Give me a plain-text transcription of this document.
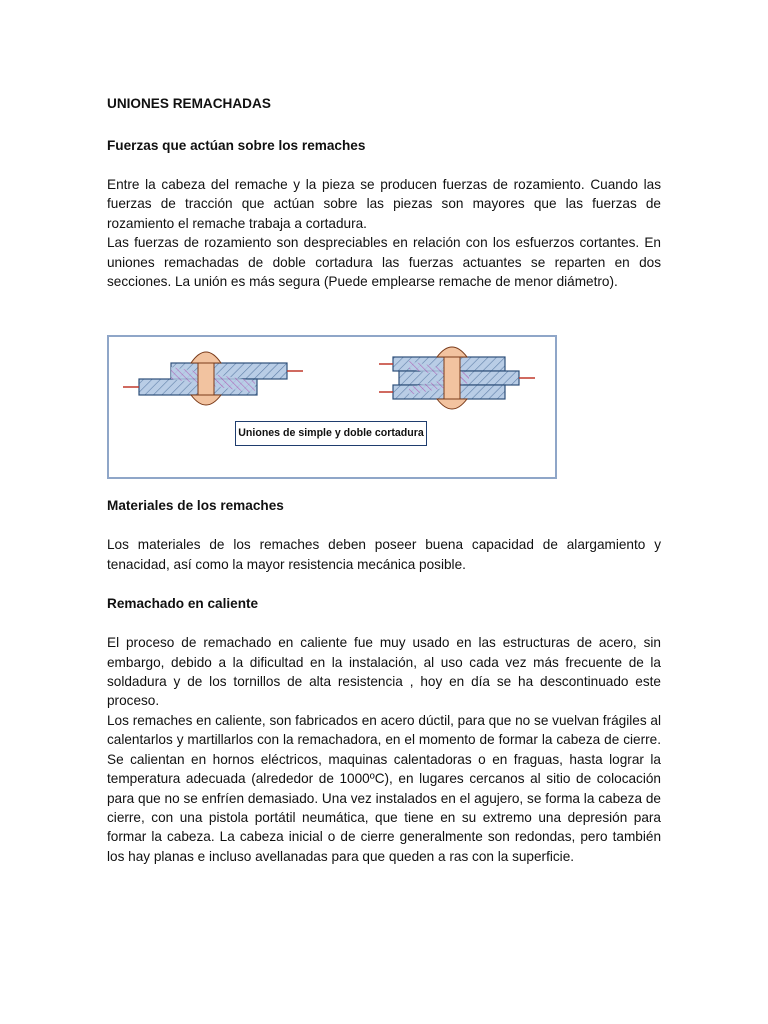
UNIONES REMACHADAS
Fuerzas que actúan sobre los remaches

Entre la cabeza del remache y la pieza se producen fuerzas de rozamiento. Cuando las fuerzas de tracción que actúan sobre las piezas son mayores que las fuerzas de rozamiento el remache trabaja a cortadura.

Las fuerzas de rozamiento son despreciables en relación con los esfuerzos cortantes. En uniones remachadas de doble cortadura las fuerzas actuantes se reparten en dos secciones. La unión es más segura (Puede emplearse remache de menor diámetro).

Uniones de simple y doble cortadura
Materiales de los remaches

Los materiales de los remaches deben poseer buena capacidad de alargamiento y tenacidad, así como la mayor resistencia mecánica posible.

Remachado en caliente

El proceso de remachado en caliente fue muy usado en las estructuras de acero, sin embargo, debido a la dificultad en la instalación, al uso cada vez más frecuente de la soldadura y de los tornillos de alta resistencia , hoy en día se ha descontinuado este proceso.

Los remaches en caliente, son fabricados en acero dúctil, para que no se vuelvan frágiles al calentarlos y martillarlos con la remachadora, en el momento de formar la cabeza de cierre. Se calientan en hornos eléctricos, maquinas calentadoras o en fraguas, hasta lograr la temperatura adecuada (alrededor de 1000ºC), en lugares cercanos al sitio de colocación para que no se enfríen demasiado. Una vez instalados en el agujero, se forma la cabeza de cierre, con una pistola portátil neumática, que tiene en su extremo una depresión para formar la cabeza. La cabeza inicial o de cierre generalmente son redondas, pero también los hay planas e incluso avellanadas para que queden a ras con la superficie.
